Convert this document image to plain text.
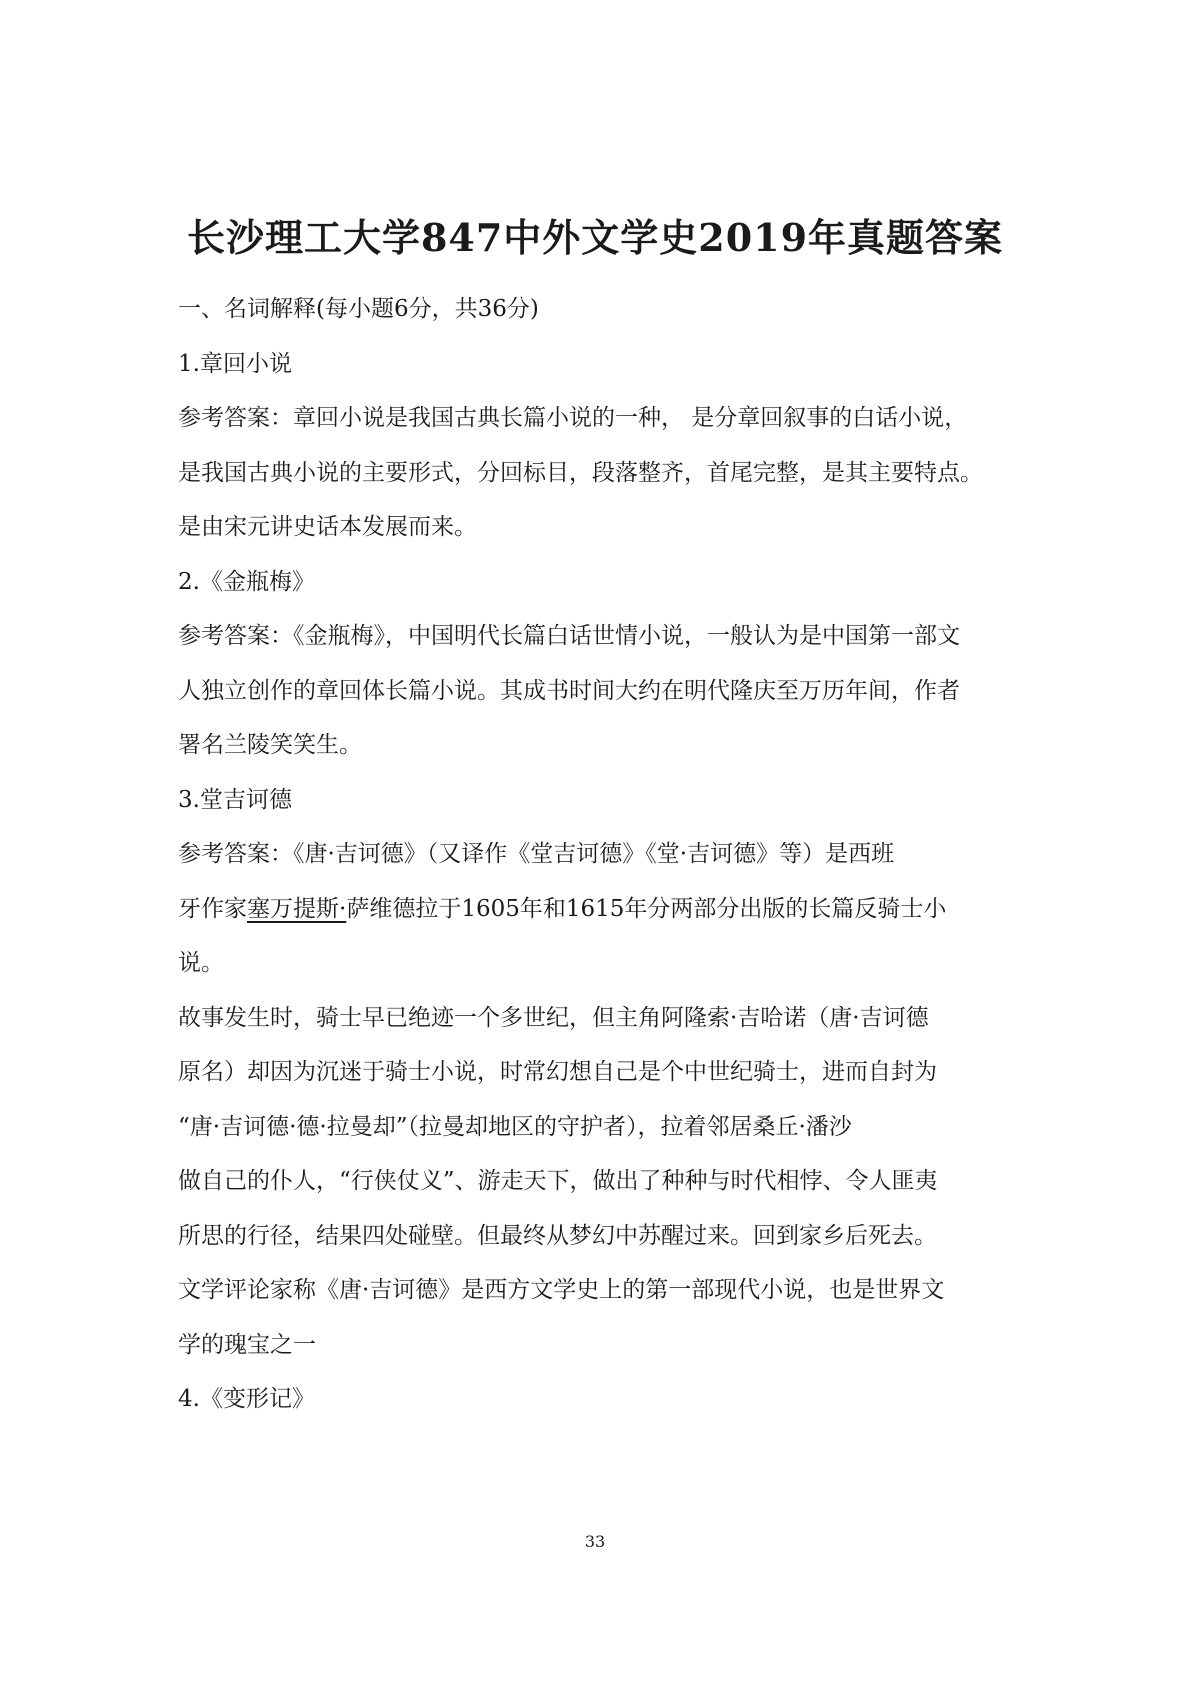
长沙理工大学847中外文学史2019年真题答案
一、名词解释(每小题6分，共36分)
1.章回小说
参考答案：章回小说是我国古典长篇小说的一种， 是分章回叙事的白话小说，
是我国古典小说的主要形式，分回标目，段落整齐，首尾完整，是其主要特点。
是由宋元讲史话本发展而来。
2.《金瓶梅》
参考答案：《金瓶梅》，中国明代长篇白话世情小说，一般认为是中国第一部文
人独立创作的章回体长篇小说。其成书时间大约在明代隆庆至万历年间，作者
署名兰陵笑笑生。
3.堂吉诃德
参考答案：《唐·吉诃德》（又译作《堂吉诃德》《堂·吉诃德》等）是西班
牙作家塞万提斯·萨维德拉于1605年和1615年分两部分出版的长篇反骑士小
说。
故事发生时，骑士早已绝迹一个多世纪，但主角阿隆索·吉哈诺（唐·吉诃德
原名）却因为沉迷于骑士小说，时常幻想自己是个中世纪骑士，进而自封为
“唐·吉诃德·德·拉曼却”（拉曼却地区的守护者），拉着邻居桑丘·潘沙
做自己的仆人，“行侠仗义”、游走天下，做出了种种与时代相悖、令人匪夷
所思的行径，结果四处碰壁。但最终从梦幻中苏醒过来。回到家乡后死去。
文学评论家称《唐·吉诃德》是西方文学史上的第一部现代小说，也是世界文
学的瑰宝之一
4.《变形记》
33
